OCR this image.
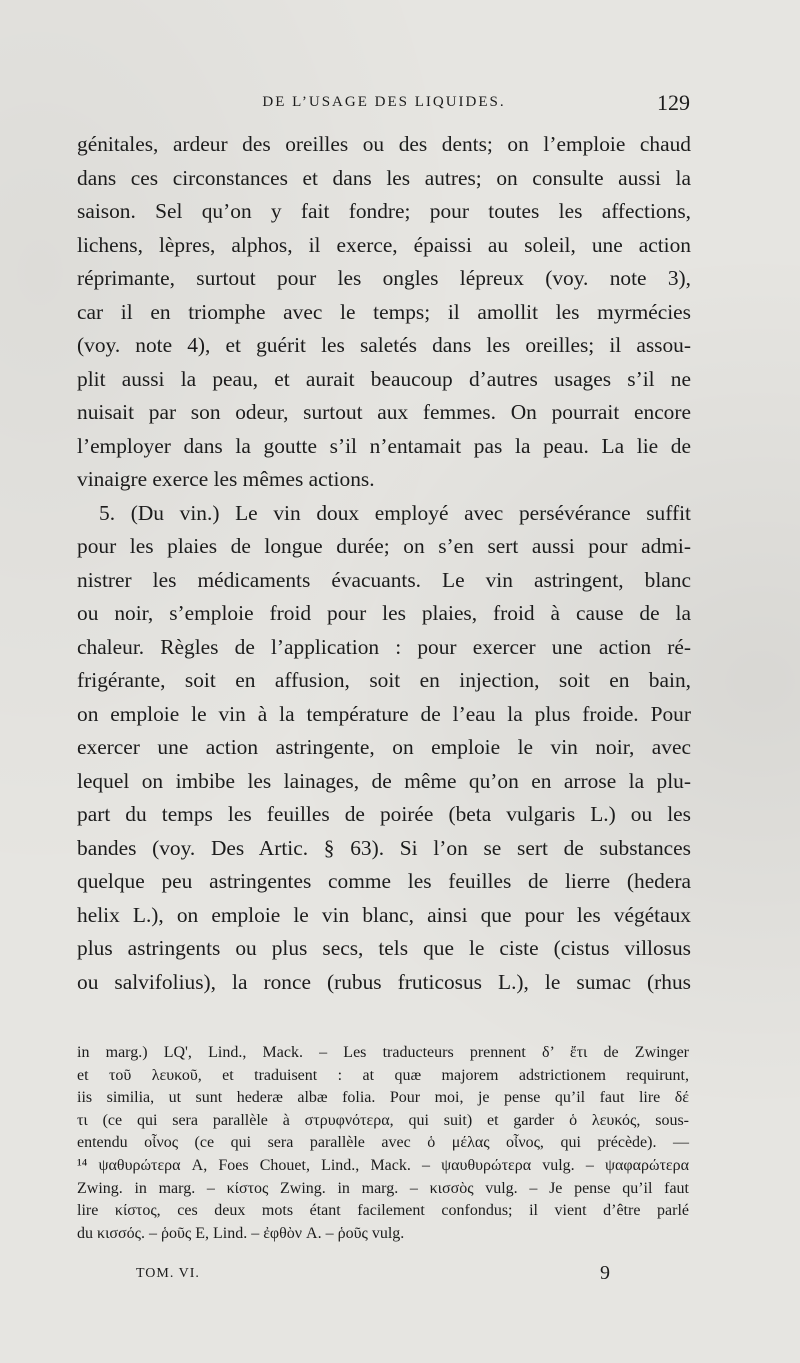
DE L’USAGE DES LIQUIDES.	129
génitales, ardeur des oreilles ou des dents; on l’emploie chaud
dans ces circonstances et dans les autres; on consulte aussi la
saison. Sel qu’on y fait fondre; pour toutes les affections,
lichens, lèpres, alphos, il exerce, épaissi au soleil, une action
réprimante, surtout pour les ongles lépreux (voy. note 3),
car il en triomphe avec le temps; il amollit les myrmécies
(voy. note 4), et guérit les saletés dans les oreilles; il assou-
plit aussi la peau, et aurait beaucoup d’autres usages s’il ne
nuisait par son odeur, surtout aux femmes. On pourrait encore
l’employer dans la goutte s’il n’entamait pas la peau. La lie de
vinaigre exerce les mêmes actions.
5. (Du vin.) Le vin doux employé avec persévérance suffit
pour les plaies de longue durée; on s’en sert aussi pour admi-
nistrer les médicaments évacuants. Le vin astringent, blanc
ou noir, s’emploie froid pour les plaies, froid à cause de la
chaleur. Règles de l’application : pour exercer une action ré-
frigérante, soit en affusion, soit en injection, soit en bain,
on emploie le vin à la température de l’eau la plus froide. Pour
exercer une action astringente, on emploie le vin noir, avec
lequel on imbibe les lainages, de même qu’on en arrose la plu-
part du temps les feuilles de poirée (beta vulgaris L.) ou les
bandes (voy. Des Artic. § 63). Si l’on se sert de substances
quelque peu astringentes comme les feuilles de lierre (hedera
helix L.), on emploie le vin blanc, ainsi que pour les végétaux
plus astringents ou plus secs, tels que le ciste (cistus villosus
ou salvifolius), la ronce (rubus fruticosus L.), le sumac (rhus
in marg.) LQ', Lind., Mack. – Les traducteurs prennent δ’ ἔτι de Zwinger
et τοῦ λευκοῦ, et traduisent : at quæ majorem adstrictionem requirunt,
iis similia, ut sunt hederæ albæ folia. Pour moi, je pense qu’il faut lire δέ
τι (ce qui sera parallèle à στρυφνότερα, qui suit) et garder ὁ λευκός, sous-
entendu οἶνος (ce qui sera parallèle avec ὁ μέλας οἶνος, qui précède). —
¹⁴ ψαθυρώτερα A, Foes Chouet, Lind., Mack. – ψαυθυρώτερα vulg. – ψαφαρώτερα
Zwing. in marg. – κίστος Zwing. in marg. – κισσὸς vulg. – Je pense qu’il faut
lire κίστος, ces deux mots étant facilement confondus; il vient d’être parlé
du κισσός. – ῥοῦς E, Lind. – ἐφθὸν A. – ῥοῦς vulg.
TOM. VI.	9
